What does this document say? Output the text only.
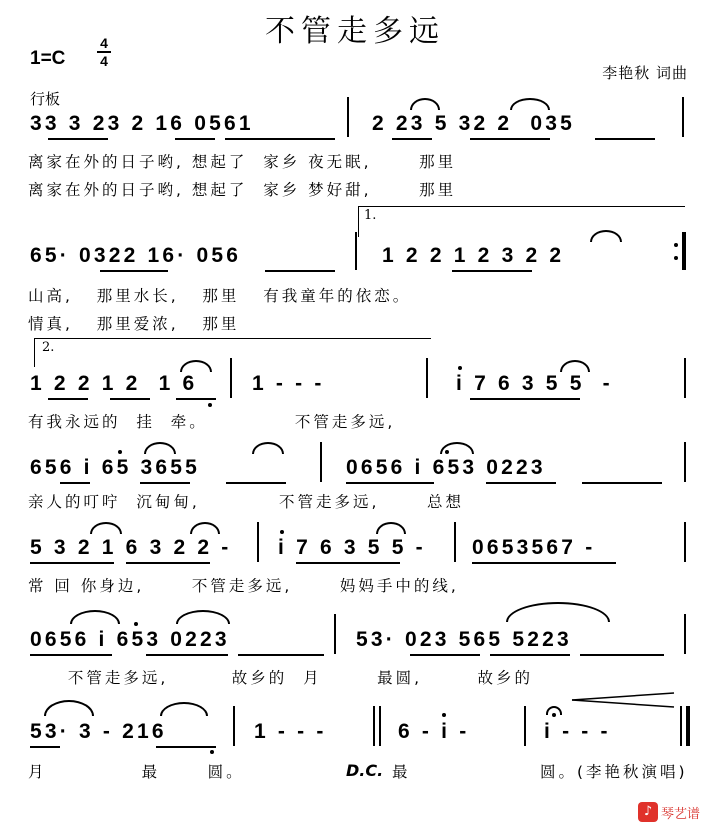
不管走多远
1=C
4
4
李艳秋 词曲
行板
33 3 23 2 16 0561	2 23 5 32 2  035
离家在外的日子哟, 想起了  家乡 夜无眠,      那里
离家在外的日子哟, 想起了  家乡 梦好甜,      那里
1.
65· 0322 16· 056	1 2 2 1 2 3 2 2
山高,   那里水长,   那里   有我童年的依恋。
情真,   那里爱浓,   那里
2.
1 2 2 1 2  1 6	1 - - -	i 7 6 3 5 5  -
有我永远的  挂  牵。           不管走多远,
656 i 65 3655	0656 i 653 0223
亲人的叮咛  沉甸甸,          不管走多远,      总想
5 3 2 1 6 3 2 2 - i 7 6 3 5 5 - 0653567 -
常 回 你身边,      不管走多远,      妈妈手中的线,
0656 i 653 0223	53· 023 565 5223
不管走多远,        故乡的  月       最圆,       故乡的
53· 3 - 216	1 - - -	6 - i -	i - - -
月            最      圆。	D.C. 最	圆。(李艳秋演唱)
♪ 琴艺谱
